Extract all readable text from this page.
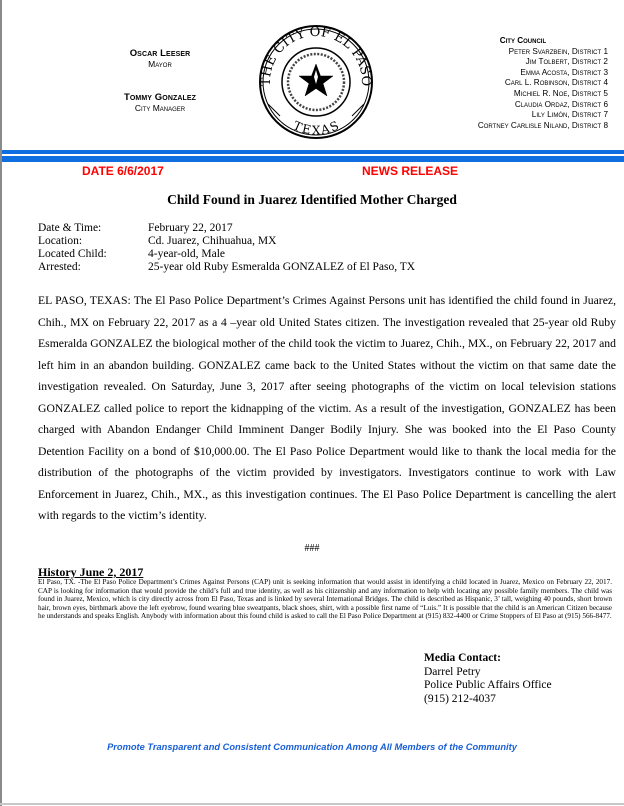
Oscar Leeser
Mayor
Tommy Gonzalez
City Manager
THE CITY OF EL PASO
TEXAS
City Council
Peter Svarzbein, District 1
Jim Tolbert, District 2
Emma Acosta, District 3
Carl L. Robinson, District 4
Michiel R. Noe, District 5
Claudia Ordaz, District 6
Lily Limón, District 7
Cortney Carlisle Niland, District 8
DATE 6/6/2017	NEWS RELEASE
Child Found in Juarez Identified Mother Charged
Date & Time:	February 22, 2017
Location:	Cd. Juarez, Chihuahua, MX
Located Child:	4-year-old, Male
Arrested:	25-year old Ruby Esmeralda GONZALEZ of El Paso, TX
EL PASO, TEXAS: The El Paso Police Department’s Crimes Against Persons unit has identified the child found in Juarez, Chih., MX on February 22, 2017 as a 4 –year old United States citizen. The investigation revealed that 25-year old Ruby Esmeralda GONZALEZ the biological mother of the child took the victim to Juarez, Chih., MX., on February 22, 2017 and left him in an abandon building. GONZALEZ came back to the United States without the victim on that same date the investigation revealed. On Saturday, June 3, 2017 after seeing photographs of the victim on local television stations GONZALEZ called police to report the kidnapping of the victim. As a result of the investigation, GONZALEZ has been charged with Abandon Endanger Child Imminent Danger Bodily Injury. She was booked into the El Paso County Detention Facility on a bond of $10,000.00. The El Paso Police Department would like to thank the local media for the distribution of the photographs of the victim provided by investigators. Investigators continue to work with Law Enforcement in Juarez, Chih., MX., as this investigation continues. The El Paso Police Department is cancelling the alert with regards to the victim’s identity.
###
History June 2, 2017
El Paso, TX. -The El Paso Police Department’s Crimes Against Persons (CAP) unit is seeking information that would assist in identifying a child located in Juarez, Mexico on February 22, 2017. CAP is looking for information that would provide the child’s full and true identity, as well as his citizenship and any information to help with locating any possible family members. The child was found in Juarez, Mexico, which is city directly across from El Paso, Texas and is linked by several International Bridges. The child is described as Hispanic, 3’ tall, weighing 40 pounds, short brown hair, brown eyes, birthmark above the left eyebrow, found wearing blue sweatpants, black shoes, shirt, with a possible first name of “Luis.” It is possible that the child is an American Citizen because he understands and speaks English. Anybody with information about this found child is asked to call the El Paso Police Department at (915) 832-4400 or Crime Stoppers of El Paso at (915) 566-8477.
Media Contact:
Darrel Petry
Police Public Affairs Office
(915) 212-4037
Promote Transparent and Consistent Communication Among All Members of the Community
